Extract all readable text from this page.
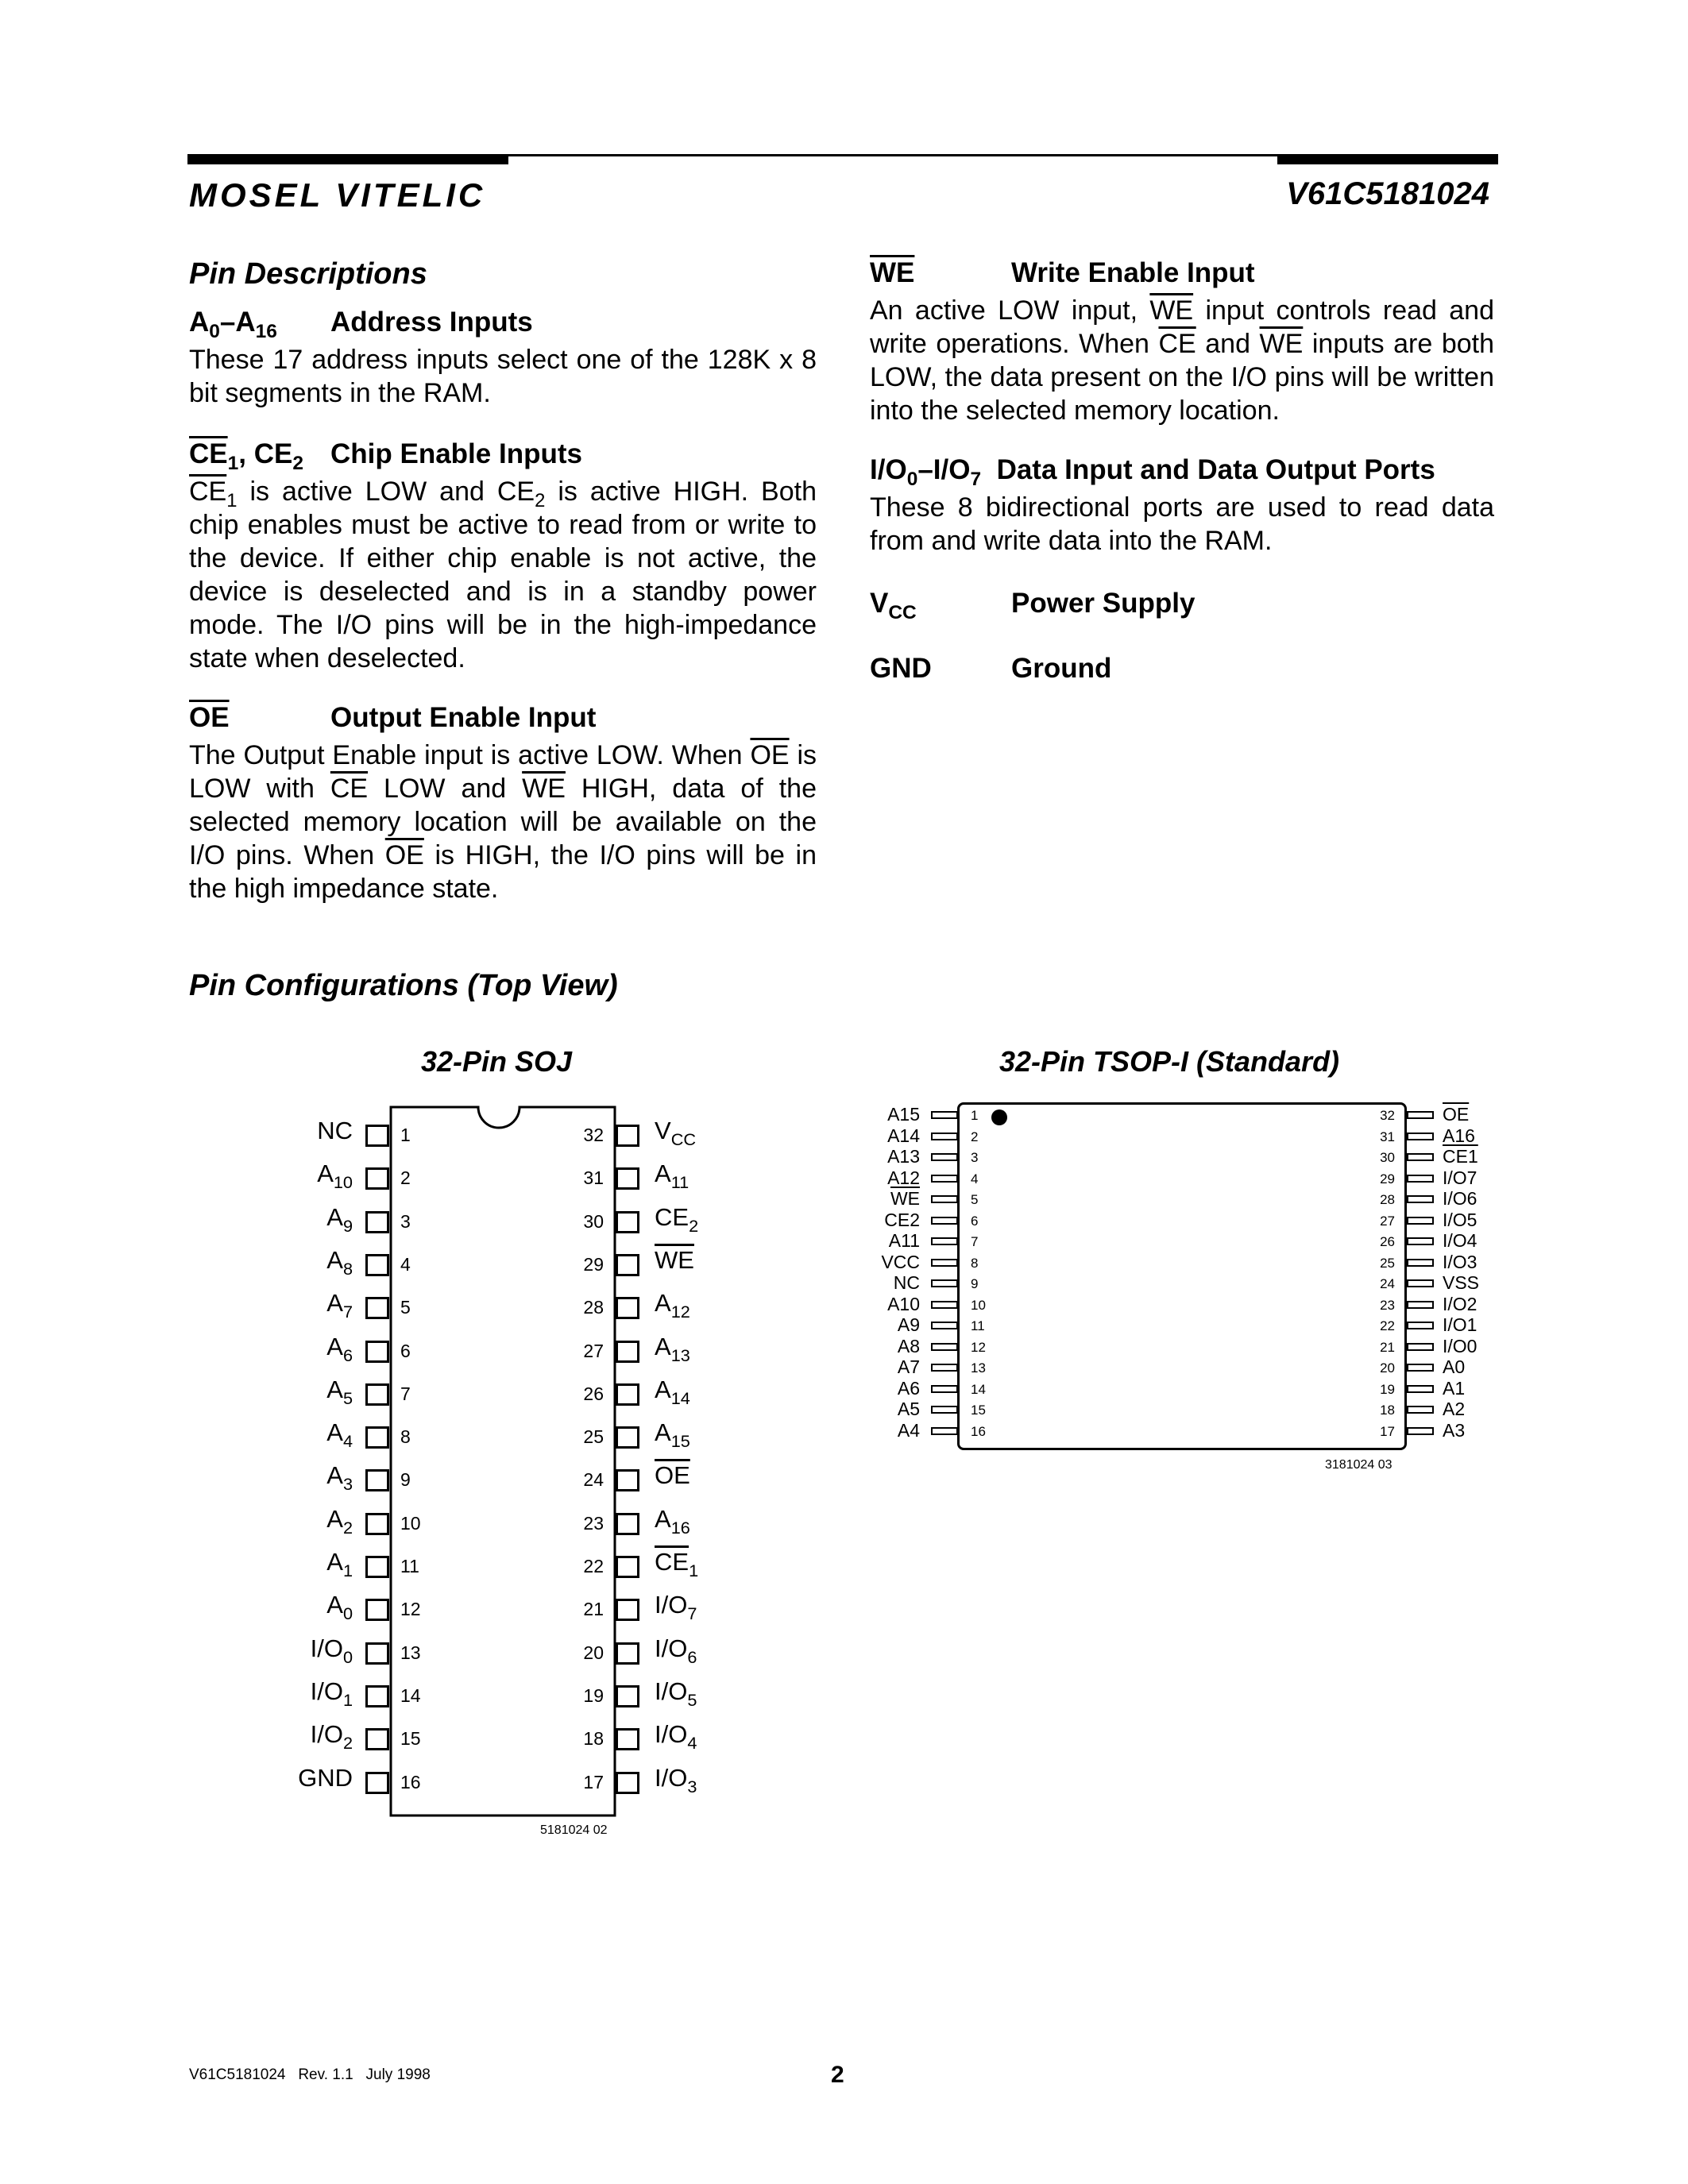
MOSEL VITELIC	V61C5181024
Pin Descriptions
$A_0-A_{16}$ Address Inputs
These 17 address inputs select one of the 128K x 8 bit segments in the RAM.
$\overline{CE}_1$, $CE_2$ Chip Enable Inputs
$\overline{CE}_1$ is active LOW and $CE_2$ is active HIGH. Both chip enables must be active to read from or write to the device. If either chip enable is not active, the device is deselected and is in a standby power mode. The I/O pins will be in the high-impedance state when deselected.
$\overline{OE}$	Output Enable Input
The Output Enable input is active LOW. When $\overline{OE}$ is LOW with $\overline{CE}$ LOW and $\overline{WE}$ HIGH, data of the selected memory location will be available on the I/O pins. When $\overline{OE}$ is HIGH, the I/O pins will be in the high impedance state.
$\overline{WE}$	Write Enable Input
An active LOW input, $\overline{WE}$ input controls read and write operations. When $\overline{CE}$ and $\overline{WE}$ inputs are both LOW, the data present on the I/O pins will be written into the selected memory location.
$I/O_0-I/O_7$ Data Input and Data Output Ports
These 8 bidirectional ports are used to read data from and write data into the RAM.
$V_{CC}$	Power Supply
GND	Ground
Pin Configurations (Top View)
32-Pin SOJ
NC	1
$A_{10}$	2
$A_9$	3
$A_8$	4
$A_7$	5
$A_6$	6
$A_5$	7
$A_4$	8
$A_3$	9
$A_2$	10
$A_1$	11
$A_0$	12
$I/O_0$	13
$I/O_1$	14
$I/O_2$	15
GND	16
32 $V_{CC}$
31 $A_{11}$
30 $CE_2$
29 $\overline{WE}$
28 $A_{12}$
27 $A_{13}$
26 $A_{14}$
25 $A_{15}$
24 $\overline{OE}$
23 $A_{16}$
22 $\overline{CE}_1$
21 $I/O_7$
20 $I/O_6$
19 $I/O_5$
18 $I/O_4$
17 $I/O_3$
5181024 02
32-Pin TSOP-I (Standard)
A15	1
A14	2
A13	3
A12	4
$\overline{WE}$	5
CE2	6
A11	7
VCC	8
NC	9
A10	10
A9	11
A8	12
A7	13
A6	14
A5	15
A4	16
32	$\overline{OE}$
31	A16
30	CE1
29	I/O7
28	I/O6
27	I/O5
26	I/O4
25	I/O3
24	VSS
23	I/O2
22	I/O1
21	I/O0
20	A0
19	A1
18	A2
17	A3
3181024 03
V61C5181024   Rev. 1.1   July 1998	2
